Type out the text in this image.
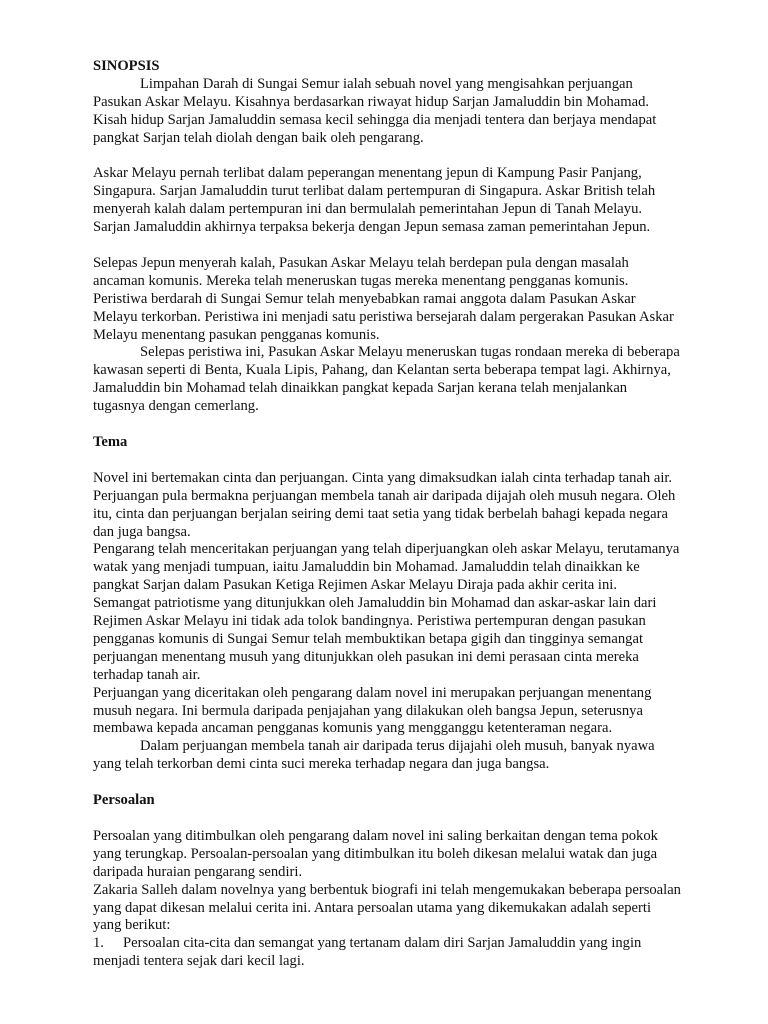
SINOPSIS

Limpahan Darah di Sungai Semur ialah sebuah novel yang mengisahkan perjuangan Pasukan Askar Melayu. Kisahnya berdasarkan riwayat hidup Sarjan Jamaluddin bin Mohamad. Kisah hidup Sarjan Jamaluddin semasa kecil sehingga dia menjadi tentera dan berjaya mendapat pangkat Sarjan telah diolah dengan baik oleh pengarang.

Askar Melayu pernah terlibat dalam peperangan menentang jepun di Kampung Pasir Panjang, Singapura. Sarjan Jamaluddin turut terlibat dalam pertempuran di Singapura. Askar British telah menyerah kalah dalam pertempuran ini dan bermulalah pemerintahan Jepun di Tanah Melayu. Sarjan Jamaluddin akhirnya terpaksa bekerja dengan Jepun semasa zaman pemerintahan Jepun.

Selepas Jepun menyerah kalah, Pasukan Askar Melayu telah berdepan pula dengan masalah ancaman komunis. Mereka telah meneruskan tugas mereka menentang pengganas komunis. Peristiwa berdarah di Sungai Semur telah menyebabkan ramai anggota dalam Pasukan Askar Melayu terkorban. Peristiwa ini menjadi satu peristiwa bersejarah dalam pergerakan Pasukan Askar Melayu menentang pasukan pengganas komunis.

Selepas peristiwa ini, Pasukan Askar Melayu meneruskan tugas rondaan mereka di beberapa kawasan seperti di Benta, Kuala Lipis, Pahang, dan Kelantan serta beberapa tempat lagi. Akhirnya, Jamaluddin bin Mohamad telah dinaikkan pangkat kepada Sarjan kerana telah menjalankan tugasnya dengan cemerlang.

Tema

Novel ini bertemakan cinta dan perjuangan. Cinta yang dimaksudkan ialah cinta terhadap tanah air. Perjuangan pula bermakna perjuangan membela tanah air daripada dijajah oleh musuh negara. Oleh itu, cinta dan perjuangan berjalan seiring demi taat setia yang tidak berbelah bahagi kepada negara dan juga bangsa.

Pengarang telah menceritakan perjuangan yang telah diperjuangkan oleh askar Melayu, terutamanya watak yang menjadi tumpuan, iaitu Jamaluddin bin Mohamad. Jamaluddin telah dinaikkan ke pangkat Sarjan dalam Pasukan Ketiga Rejimen Askar Melayu Diraja pada akhir cerita ini.

Semangat patriotisme yang ditunjukkan oleh Jamaluddin bin Mohamad dan askar-askar lain dari Rejimen Askar Melayu ini tidak ada tolok bandingnya. Peristiwa pertempuran dengan pasukan pengganas komunis di Sungai Semur telah membuktikan betapa gigih dan tingginya semangat perjuangan menentang musuh yang ditunjukkan oleh pasukan ini demi perasaan cinta mereka terhadap tanah air.

Perjuangan yang diceritakan oleh pengarang dalam novel ini merupakan perjuangan menentang musuh negara. Ini bermula daripada penjajahan yang dilakukan oleh bangsa Jepun, seterusnya membawa kepada ancaman pengganas komunis yang mengganggu ketenteraman negara.

Dalam perjuangan membela tanah air daripada terus dijajahi oleh musuh, banyak nyawa yang telah terkorban demi cinta suci mereka terhadap negara dan juga bangsa.

Persoalan

Persoalan yang ditimbulkan oleh pengarang dalam novel ini saling berkaitan dengan tema pokok yang terungkap. Persoalan-persoalan yang ditimbulkan itu boleh dikesan melalui watak dan juga daripada huraian pengarang sendiri.

Zakaria Salleh dalam novelnya yang berbentuk biografi ini telah mengemukakan beberapa persoalan yang dapat dikesan melalui cerita ini. Antara persoalan utama yang dikemukakan adalah seperti yang berikut:

1. Persoalan cita-cita dan semangat yang tertanam dalam diri Sarjan Jamaluddin yang ingin menjadi tentera sejak dari kecil lagi.
